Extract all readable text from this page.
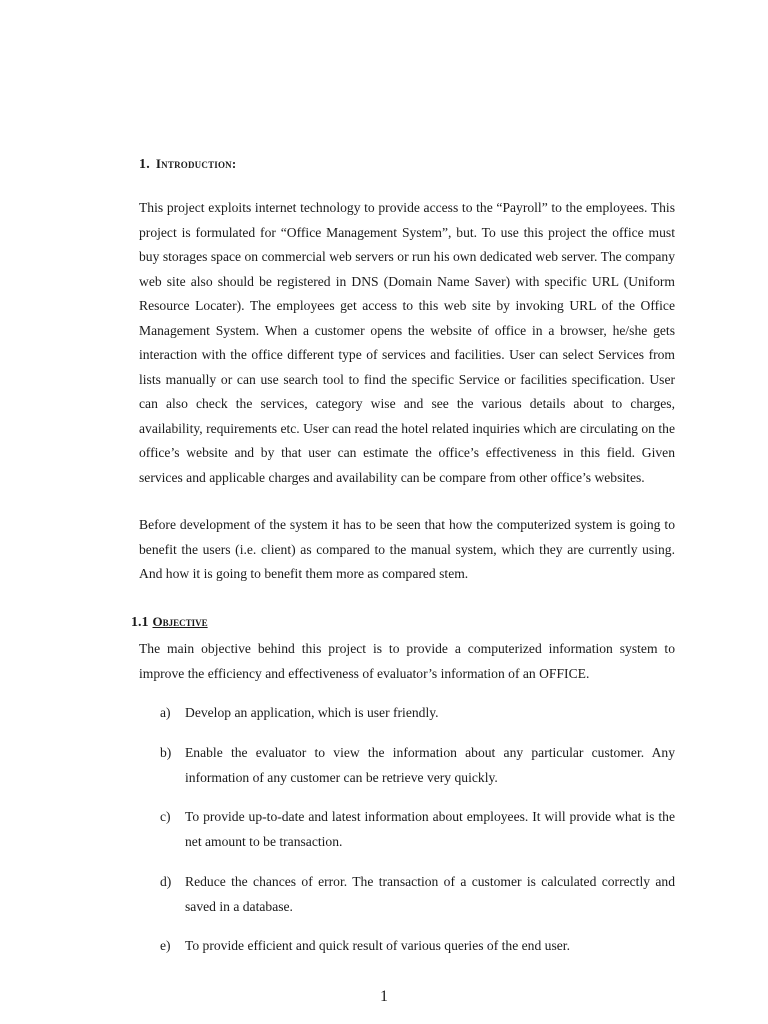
1. Introduction:

This project exploits internet technology to provide access to the “Payroll” to the employees. This project is formulated for “Office Management System”, but. To use this project the office must buy storages space on commercial web servers or run his own dedicated web server. The company web site also should be registered in DNS (Domain Name Saver) with specific URL (Uniform Resource Locater). The employees get access to this web site by invoking URL of the Office Management System. When a customer opens the website of office in a browser, he/she gets interaction with the office different type of services and facilities. User can select Services from lists manually or can use search tool to find the specific Service or facilities specification. User can also check the services, category wise and see the various details about to charges, availability, requirements etc. User can read the hotel related inquiries which are circulating on the office’s website and by that user can estimate the office’s effectiveness in this field. Given services and applicable charges and availability can be compare from other office’s websites.

Before development of the system it has to be seen that how the computerized system is going to benefit the users (i.e. client) as compared to the manual system, which they are currently using. And how it is going to benefit them more as compared stem.

1.1 Objective

The main objective behind this project is to provide a computerized information system to improve the efficiency and effectiveness of evaluator’s information of an OFFICE.

a) Develop an application, which is user friendly.
b) Enable the evaluator to view the information about any particular customer. Any information of any customer can be retrieve very quickly.
c) To provide up-to-date and latest information about employees. It will provide what is the net amount to be transaction.
d) Reduce the chances of error. The transaction of a customer is calculated correctly and saved in a database.
e) To provide efficient and quick result of various queries of the end user.
1
